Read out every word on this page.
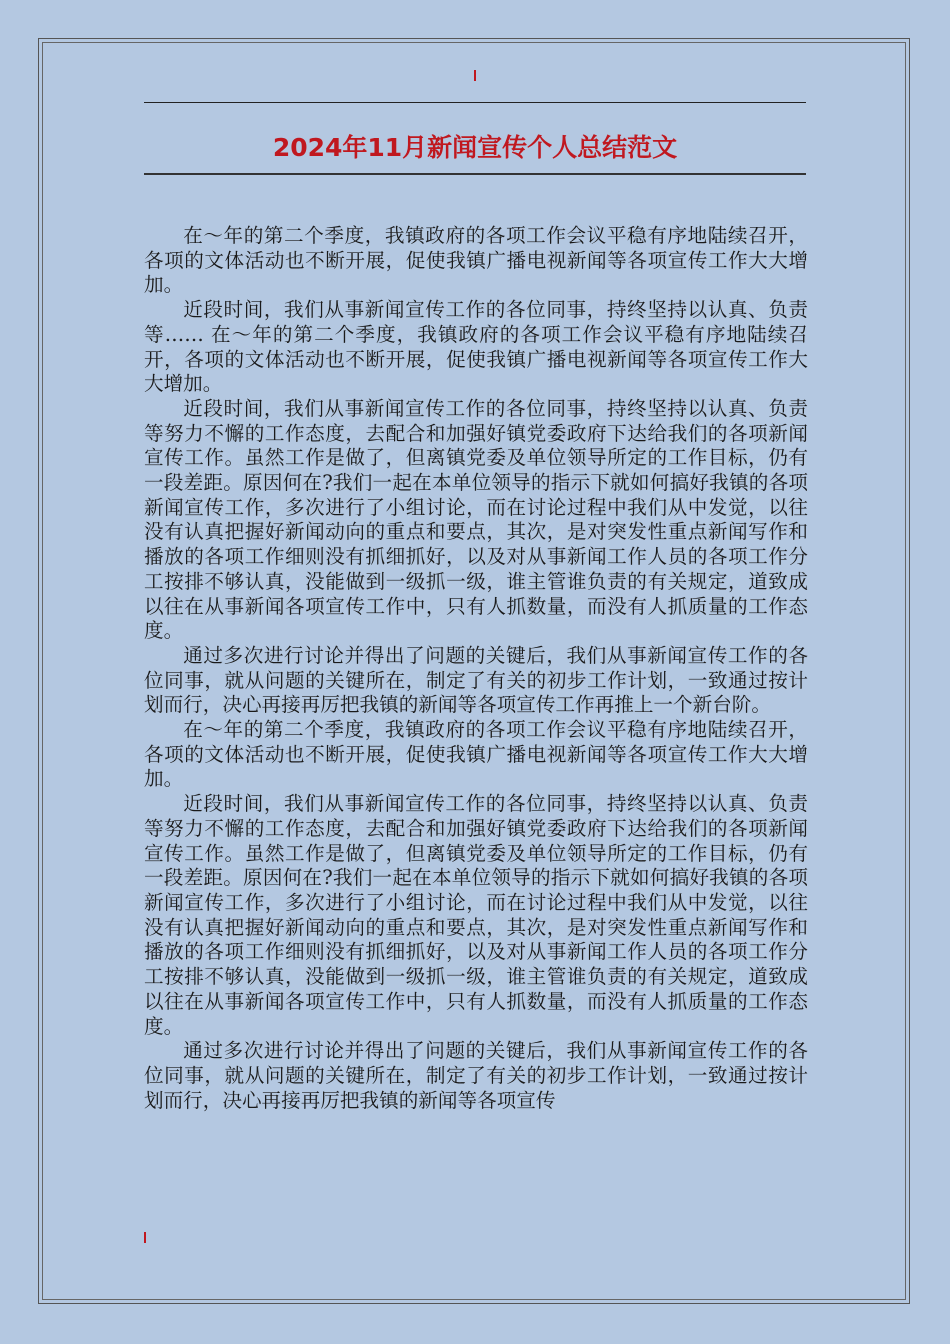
2024年11月新闻宣传个人总结范文

在～年的第二个季度，我镇政府的各项工作会议平稳有序地陆续召开，各项的文体活动也不断开展，促使我镇广播电视新闻等各项宣传工作大大增加。

近段时间，我们从事新闻宣传工作的各位同事，持终坚持以认真、负责等…… 在～年的第二个季度，我镇政府的各项工作会议平稳有序地陆续召开，各项的文体活动也不断开展，促使我镇广播电视新闻等各项宣传工作大大增加。

近段时间，我们从事新闻宣传工作的各位同事，持终坚持以认真、负责等努力不懈的工作态度，去配合和加强好镇党委政府下达给我们的各项新闻宣传工作。虽然工作是做了，但离镇党委及单位领导所定的工作目标，仍有一段差距。原因何在?我们一起在本单位领导的指示下就如何搞好我镇的各项新闻宣传工作，多次进行了小组讨论，而在讨论过程中我们从中发觉，以往没有认真把握好新闻动向的重点和要点，其次，是对突发性重点新闻写作和播放的各项工作细则没有抓细抓好，以及对从事新闻工作人员的各项工作分工按排不够认真，没能做到一级抓一级，谁主管谁负责的有关规定，道致成以往在从事新闻各项宣传工作中，只有人抓数量，而没有人抓质量的工作态度。

通过多次进行讨论并得出了问题的关键后，我们从事新闻宣传工作的各位同事，就从问题的关键所在，制定了有关的初步工作计划，一致通过按计划而行，决心再接再厉把我镇的新闻等各项宣传工作再推上一个新台阶。

在～年的第二个季度，我镇政府的各项工作会议平稳有序地陆续召开，各项的文体活动也不断开展，促使我镇广播电视新闻等各项宣传工作大大增加。

近段时间，我们从事新闻宣传工作的各位同事，持终坚持以认真、负责等努力不懈的工作态度，去配合和加强好镇党委政府下达给我们的各项新闻宣传工作。虽然工作是做了，但离镇党委及单位领导所定的工作目标，仍有一段差距。原因何在?我们一起在本单位领导的指示下就如何搞好我镇的各项新闻宣传工作，多次进行了小组讨论，而在讨论过程中我们从中发觉，以往没有认真把握好新闻动向的重点和要点，其次，是对突发性重点新闻写作和播放的各项工作细则没有抓细抓好，以及对从事新闻工作人员的各项工作分工按排不够认真，没能做到一级抓一级，谁主管谁负责的有关规定，道致成以往在从事新闻各项宣传工作中，只有人抓数量，而没有人抓质量的工作态度。

通过多次进行讨论并得出了问题的关键后，我们从事新闻宣传工作的各位同事，就从问题的关键所在，制定了有关的初步工作计划，一致通过按计划而行，决心再接再厉把我镇的新闻等各项宣传
